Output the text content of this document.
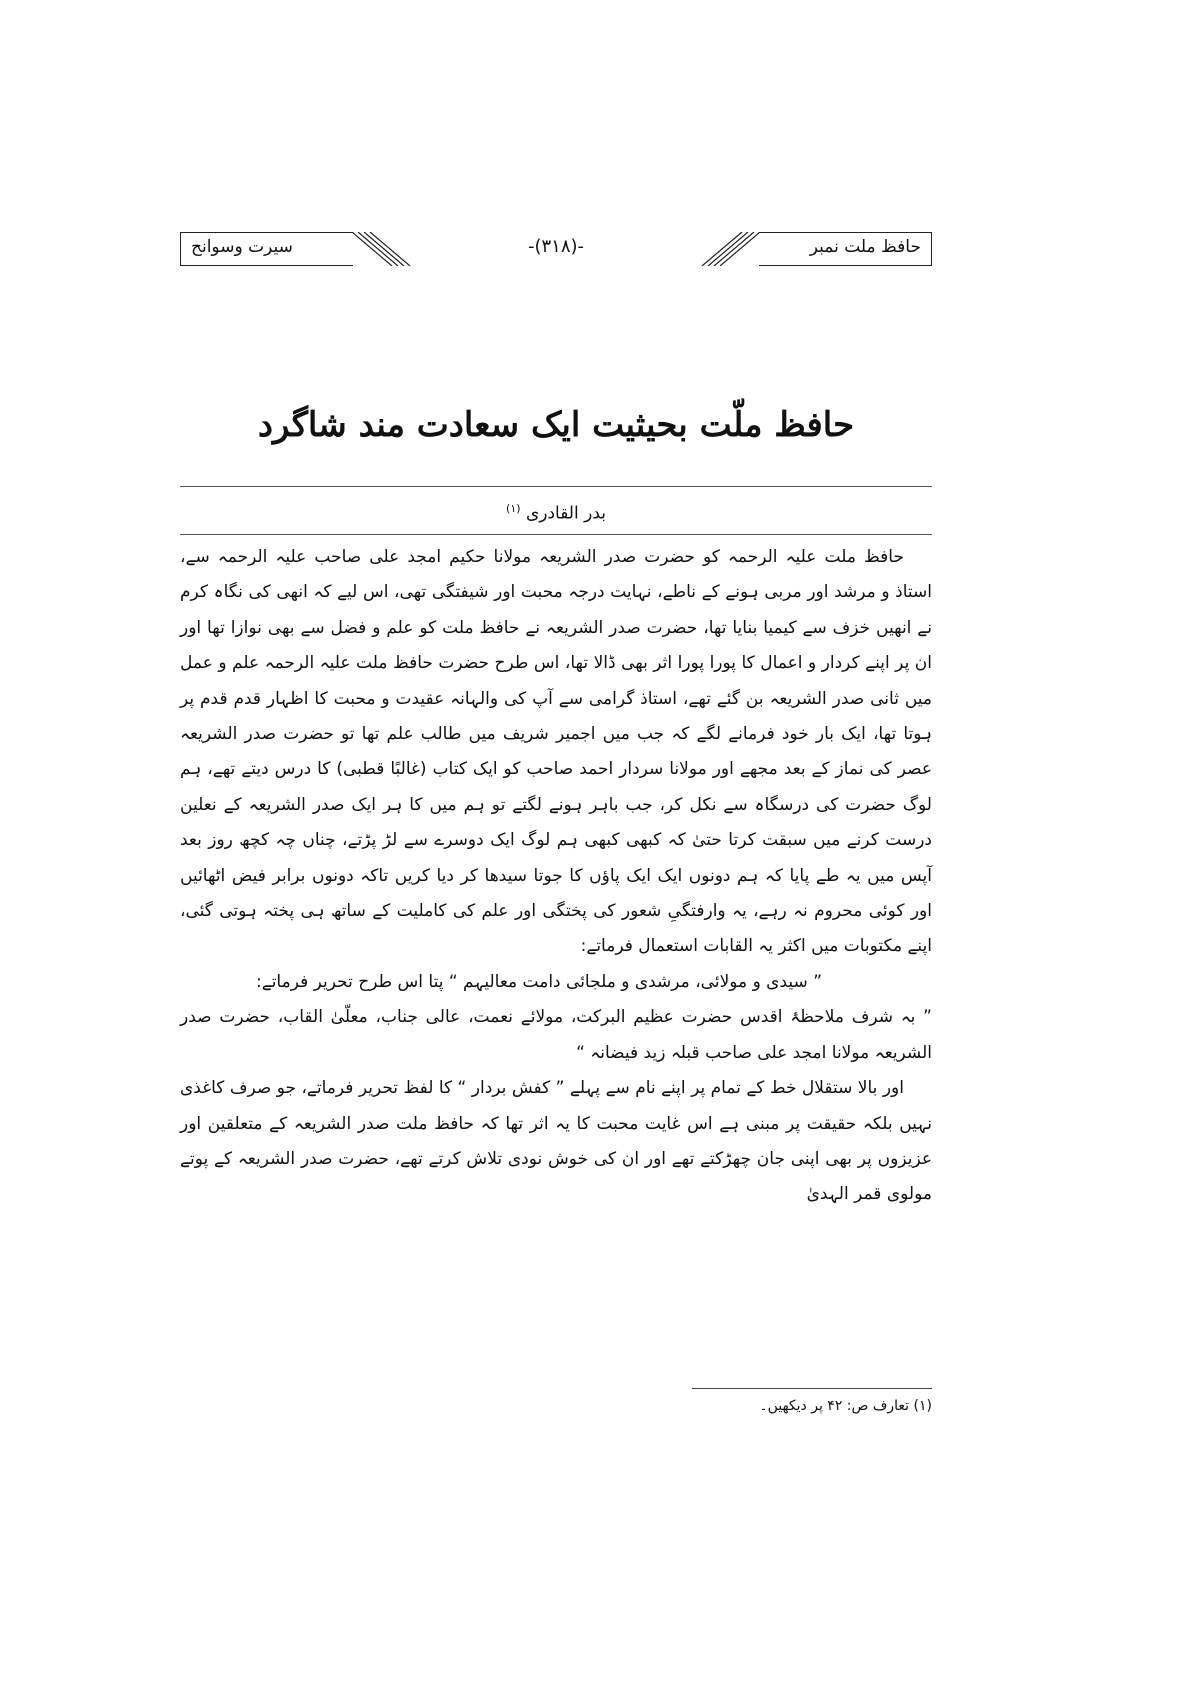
سیرت وسوانح	-(۳۱۸)-	حافظ ملت نمبر
حافظ ملّت بحیثیت ایک سعادت مند شاگرد
بدر القادری $^{(۱)}$

حافظ ملت علیہ الرحمہ کو حضرت صدر الشریعہ مولانا حکیم امجد علی صاحب علیہ الرحمہ سے، استاذ و مرشد اور مربی ہونے کے ناطے، نہایت درجہ محبت اور شیفتگی تھی، اس لیے کہ انھی کی نگاہ کرم نے انھیں خزف سے کیمیا بنایا تھا، حضرت صدر الشریعہ نے حافظ ملت کو علم و فضل سے بھی نوازا تھا اور ان پر اپنے کردار و اعمال کا پورا پورا اثر بھی ڈالا تھا، اس طرح حضرت حافظ ملت علیہ الرحمہ علم و عمل میں ثانی صدر الشریعہ بن گئے تھے، استاذ گرامی سے آپ کی والہانہ عقیدت و محبت کا اظہار قدم قدم پر ہوتا تھا، ایک بار خود فرمانے لگے کہ جب میں اجمیر شریف میں طالب علم تھا تو حضرت صدر الشریعہ عصر کی نماز کے بعد مجھے اور مولانا سردار احمد صاحب کو ایک کتاب (غالبًا قطبی) کا درس دیتے تھے، ہم لوگ حضرت کی درسگاہ سے نکل کر، جب باہر ہونے لگتے تو ہم میں کا ہر ایک صدر الشریعہ کے نعلین درست کرنے میں سبقت کرتا حتیٰ کہ کبھی کبھی ہم لوگ ایک دوسرے سے لڑ پڑتے، چناں چہ کچھ روز بعد آپس میں یہ طے پایا کہ ہم دونوں ایک ایک پاؤں کا جوتا سیدھا کر دیا کریں تاکہ دونوں برابر فیض اٹھائیں اور کوئی محروم نہ رہے، یہ وارفتگیِ شعور کی پختگی اور علم کی کاملیت کے ساتھ ہی پختہ ہوتی گئی، اپنے مکتوبات میں اکثر یہ القابات استعمال فرماتے:

” سیدی و مولائی، مرشدی و ملجائی دامت معالیہم “ پتا اس طرح تحریر فرماتے:

” بہ شرف ملاحظۂ اقدس حضرت عظیم البرکت، مولائے نعمت، عالی جناب، معلّیٰ القاب، حضرت صدر الشریعہ مولانا امجد علی صاحب قبلہ زید فیضانہ “

اور بالا ستقلال خط کے تمام پر اپنے نام سے پہلے ” کفش بردار “ کا لفظ تحریر فرماتے، جو صرف کاغذی نہیں بلکہ حقیقت پر مبنی ہے اس غایت محبت کا یہ اثر تھا کہ حافظ ملت صدر الشریعہ کے متعلقین اور عزیزوں پر بھی اپنی جان چھڑکتے تھے اور ان کی خوش نودی تلاش کرتے تھے، حضرت صدر الشریعہ کے پوتے مولوی قمر الہدیٰ

(۱) تعارف ص: ۴۲ پر دیکھیں۔
